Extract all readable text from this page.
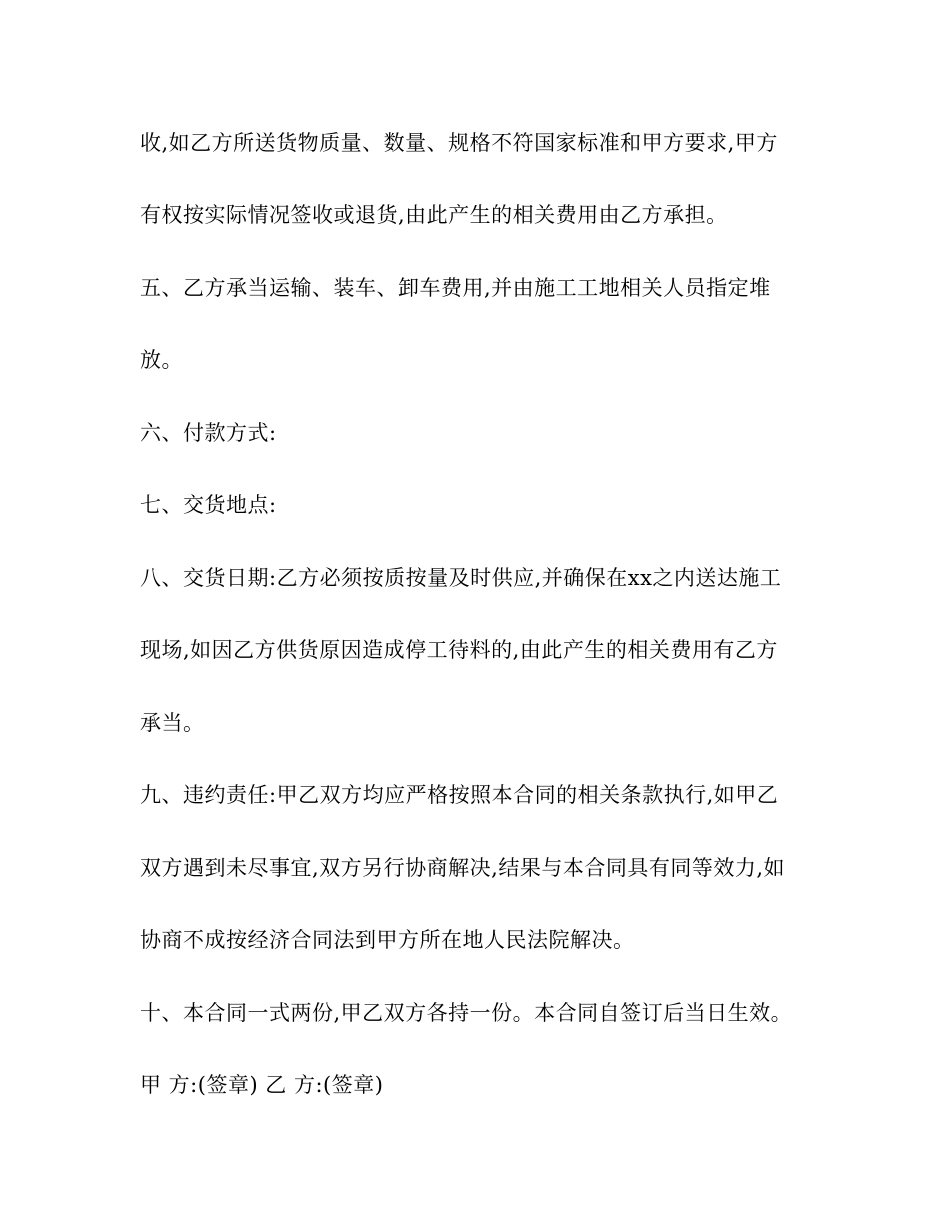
收,如乙方所送货物质量、数量、规格不符国家标准和甲方要求,甲方
有权按实际情况签收或退货,由此产生的相关费用由乙方承担。
五、乙方承当运输、装车、卸车费用,并由施工工地相关人员指定堆
放。
六、付款方式:
七、交货地点:
八、交货日期:乙方必须按质按量及时供应,并确保在xx之内送达施工
现场,如因乙方供货原因造成停工待料的,由此产生的相关费用有乙方
承当。
九、违约责任:甲乙双方均应严格按照本合同的相关条款执行,如甲乙
双方遇到未尽事宜,双方另行协商解决,结果与本合同具有同等效力,如
协商不成按经济合同法到甲方所在地人民法院解决。
十、本合同一式两份,甲乙双方各持一份。本合同自签订后当日生效。
甲 方:(签章) 乙 方:(签章)
